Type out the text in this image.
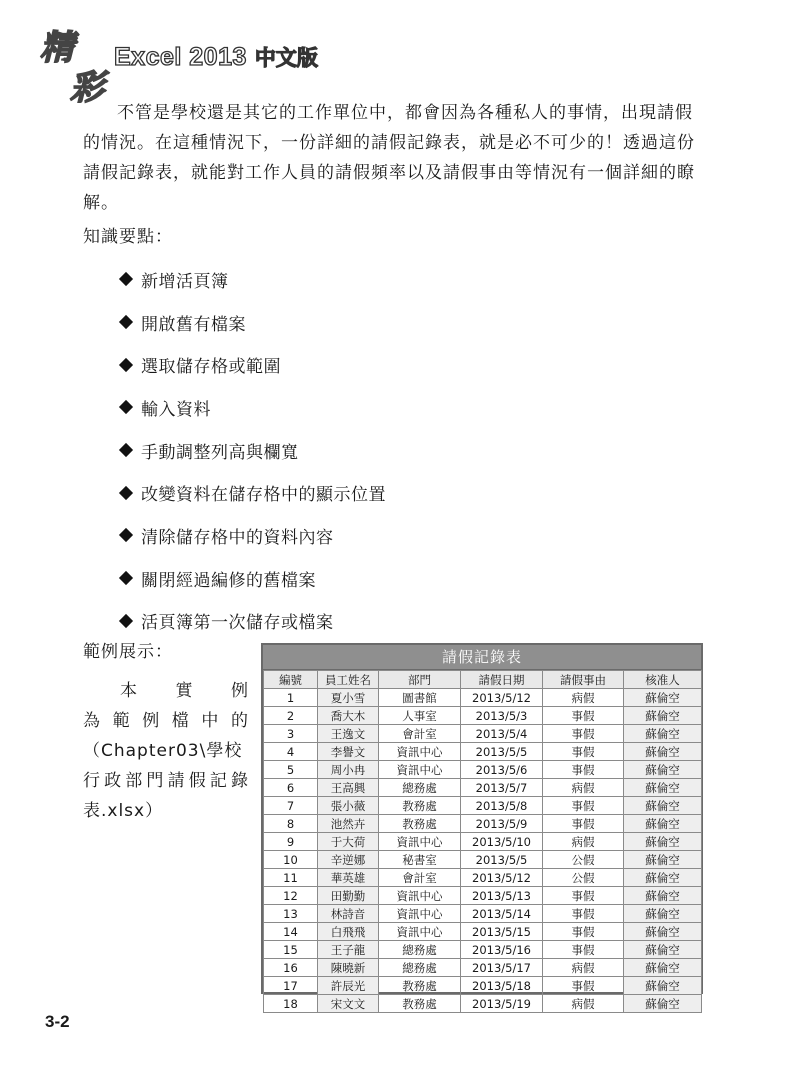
精
彩
Excel 2013 中文版

不管是學校還是其它的工作單位中，都會因為各種私人的事情，出現請假的情況。在這種情況下，一份詳細的請假記錄表，就是必不可少的！透過這份請假記錄表，就能對工作人員的請假頻率以及請假事由等情況有一個詳細的瞭解。

知識要點：

新增活頁簿
開啟舊有檔案
選取儲存格或範圍
輸入資料
手動調整列高與欄寬
改變資料在儲存格中的顯示位置
清除儲存格中的資料內容
關閉經過編修的舊檔案
活頁簿第一次儲存或檔案

範例展示：

本 實 例
為 範 例 檔 中 的
（Chapter03\學校
行 政 部 門 請 假 記 錄
表.xlsx）
請假記錄表
編號	員工姓名	部門	請假日期	請假事由	核准人
1	夏小雪	圖書館	2013/5/12	病假	蘇倫空
2	喬大木	人事室	2013/5/3	事假	蘇倫空
3	王逸文	會計室	2013/5/4	事假	蘇倫空
4	李譽文	資訊中心	2013/5/5	事假	蘇倫空
5	周小冉	資訊中心	2013/5/6	事假	蘇倫空
6	王高興	總務處	2013/5/7	病假	蘇倫空
7	張小薇	教務處	2013/5/8	事假	蘇倫空
8	池然卉	教務處	2013/5/9	事假	蘇倫空
9	于大荷	資訊中心	2013/5/10	病假	蘇倫空
10	辛逆娜	秘書室	2013/5/5	公假	蘇倫空
11	華英雄	會計室	2013/5/12	公假	蘇倫空
12	田勤勤	資訊中心	2013/5/13	事假	蘇倫空
13	林詩音	資訊中心	2013/5/14	事假	蘇倫空
14	白飛飛	資訊中心	2013/5/15	事假	蘇倫空
15	王子龍	總務處	2013/5/16	事假	蘇倫空
16	陳曉新	總務處	2013/5/17	病假	蘇倫空
17	許辰光	教務處	2013/5/18	事假	蘇倫空
18	宋文文	教務處	2013/5/19	病假	蘇倫空
3-2
